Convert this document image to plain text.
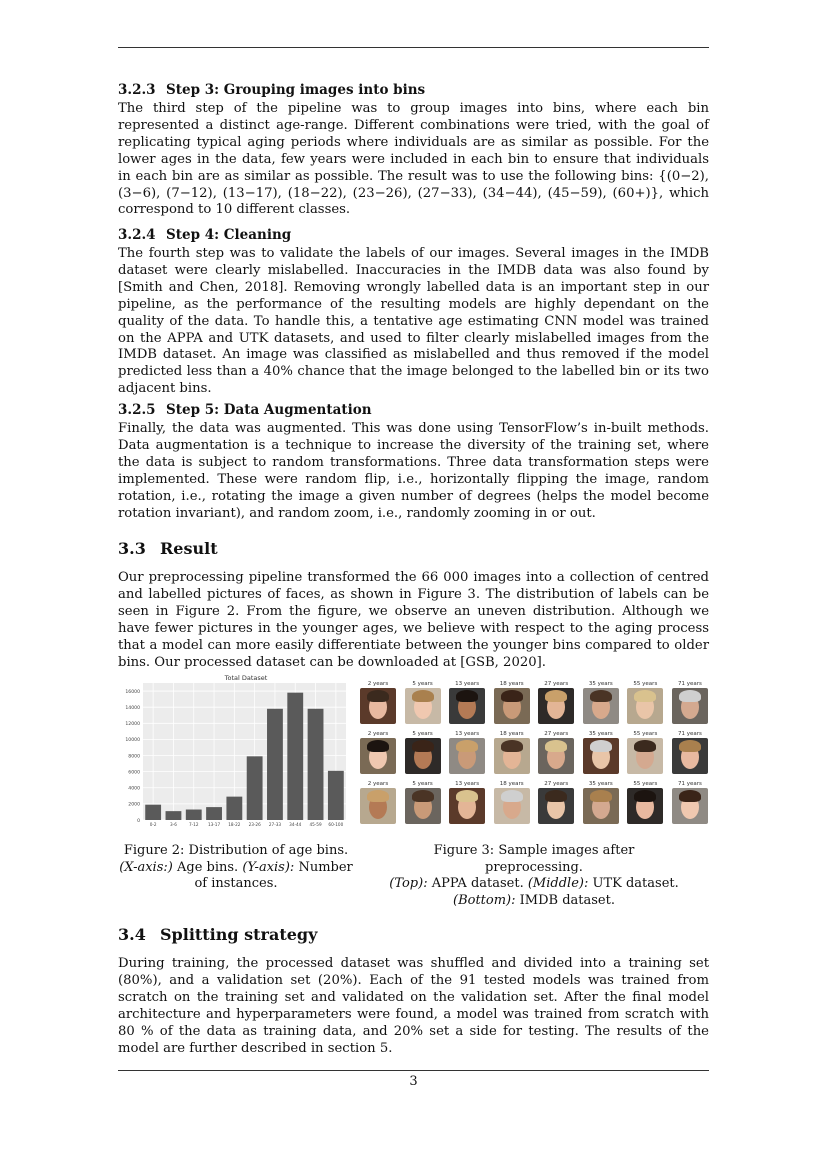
3.2.3 Step 3: Grouping images into bins

The third step of the pipeline was to group images into bins, where each bin represented a distinct age-range. Different combinations were tried, with the goal of replicating typical aging periods where individuals are as similar as possible. For the lower ages in the data, few years were included in each bin to ensure that individuals in each bin are as similar as possible. The result was to use the following bins: {(0−2), (3−6), (7−12), (13−17), (18−22), (23−26), (27−33), (34−44), (45−59), (60+)}, which correspond to 10 different classes.

3.2.4 Step 4: Cleaning

The fourth step was to validate the labels of our images. Several images in the IMDB dataset were clearly mislabelled. Inaccuracies in the IMDB data was also found by [Smith and Chen, 2018]. Removing wrongly labelled data is an important step in our pipeline, as the performance of the resulting models are highly dependant on the quality of the data. To handle this, a tentative age estimating CNN model was trained on the APPA and UTK datasets, and used to filter clearly mislabelled images from the IMDB dataset. An image was classified as mislabelled and thus removed if the model predicted less than a 40% chance that the image belonged to the labelled bin or its two adjacent bins.

3.2.5 Step 5: Data Augmentation

Finally, the data was augmented. This was done using TensorFlow’s in-built methods. Data augmentation is a technique to increase the diversity of the training set, where the data is subject to random transformations. Three data transformation steps were implemented. These were random flip, i.e., horizontally flipping the image, random rotation, i.e., rotating the image a given number of degrees (helps the model become rotation invariant), and random zoom, i.e., randomly zooming in or out.

3.3 Result

Our preprocessing pipeline transformed the 66 000 images into a collection of centred and labelled pictures of faces, as shown in Figure 3. The distribution of labels can be seen in Figure 2. From the figure, we observe an uneven distribution. Although we have fewer pictures in the younger ages, we believe with respect to the aging process that a model can more easily differentiate between the younger bins compared to older bins. Our processed dataset can be downloaded at [GSB, 2020].

3.4 Splitting strategy

During training, the processed dataset was shuffled and divided into a training set (80%), and a validation set (20%). Each of the 91 tested models was trained from scratch on the training set and validated on the validation set. After the final model architecture and hyperparameters were found, a model was trained from scratch with 80 % of the data as training data, and 20% set a side for testing. The results of the model are further described in section 5.

Total Dataset
0
2000
4000
6000
8000
10000
12000
14000
16000
0-2	3-6	7-12 13-17 18-22 23-26 27-33 34-44 45-59 60-100
2 years	5 years	13 years	18 years	27 years	35 years	55 years	71 years
2 years	5 years	13 years	18 years	27 years	35 years	55 years	71 years
2 years	5 years	13 years	18 years	27 years	35 years	55 years	71 years
Figure 2: Distribution of age bins.
(X-axis:) Age bins. (Y-axis): Number of instances.
Figure 3: Sample images after preprocessing.
(Top): APPA dataset. (Middle): UTK dataset.
(Bottom): IMDB dataset.
3
